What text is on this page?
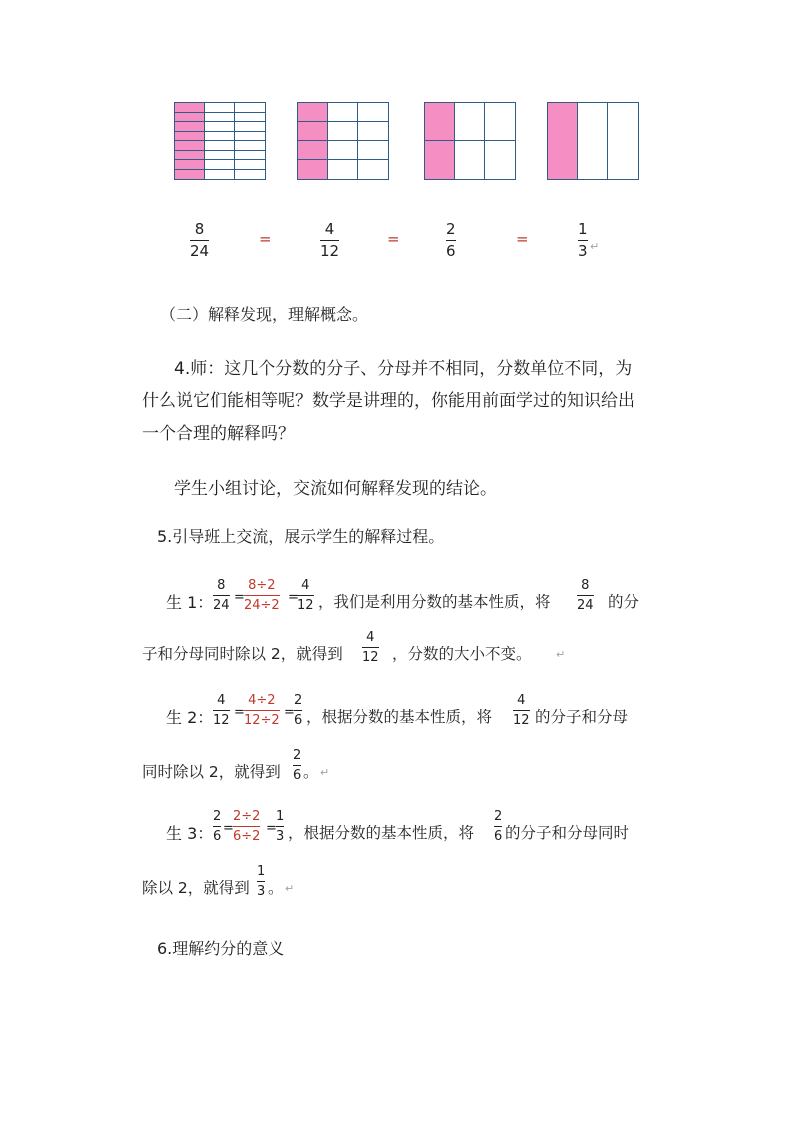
8
24
=
4
12
=
2
6
=
1
3 ↵
（二）解释发现，理解概念。
4.师：这几个分数的分子、分母并不相同，分数单位不同，为
什么说它们能相等呢？数学是讲理的，你能用前面学过的知识给出
一个合理的解释吗？
学生小组讨论，交流如何解释发现的结论。
5.引导班上交流，展示学生的解释过程。
生 1：
8
24
=
8÷2
24÷2
=
4
12 ，我们是利用分数的基本性质，将
8
24 的分
子和分母同时除以 2，就得到
4
12 ，分数的大小不变。 ↵
生 2：
4
12
=
4÷2
12÷2
=
2
6 ，根据分数的基本性质，将
4
12 的分子和分母
同时除以 2，就得到
2
6 。 ↵
生 3：
2
6
=
2÷2
6÷2
=
1
3 ，根据分数的基本性质，将
2
6 的分子和分母同时
除以 2，就得到
1
3 。 ↵
6.理解约分的意义
